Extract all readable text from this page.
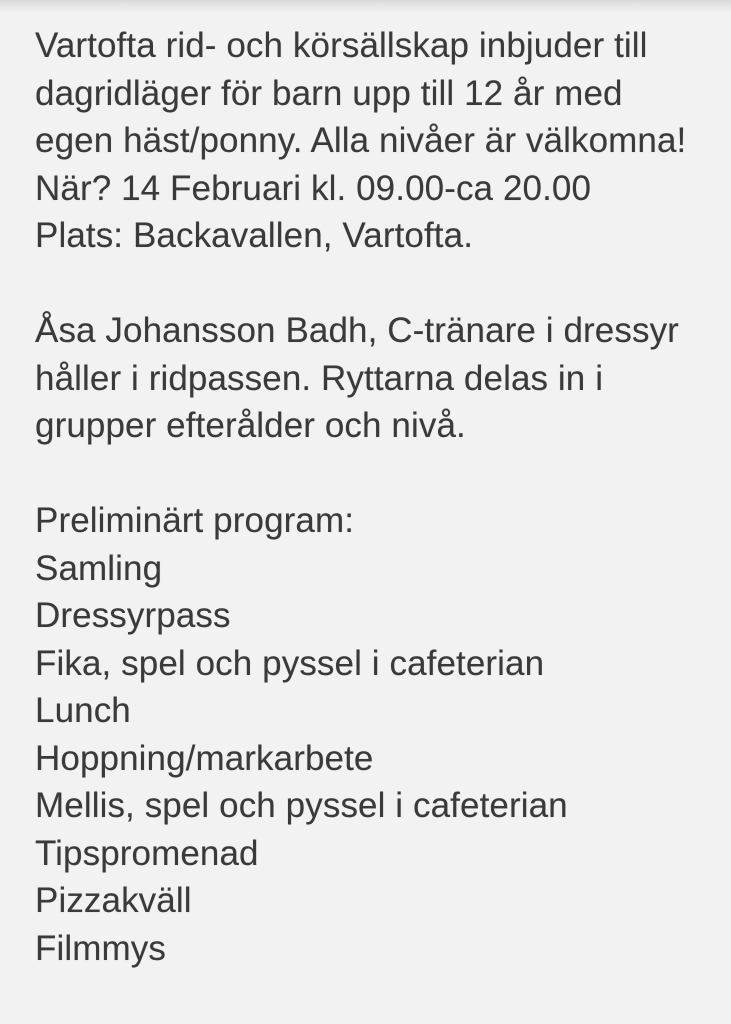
Vartofta rid- och körsällskap inbjuder till
dagridläger för barn upp till 12 år med
egen häst/ponny. Alla nivåer är välkomna!
När? 14 Februari kl. 09.00-ca 20.00
Plats: Backavallen, Vartofta.
Åsa Johansson Badh, C-tränare i dressyr
håller i ridpassen. Ryttarna delas in i
grupper efterålder och nivå.
Preliminärt program:
Samling
Dressyrpass
Fika, spel och pyssel i cafeterian
Lunch
Hoppning/markarbete
Mellis, spel och pyssel i cafeterian
Tipspromenad
Pizzakväll
Filmmys
